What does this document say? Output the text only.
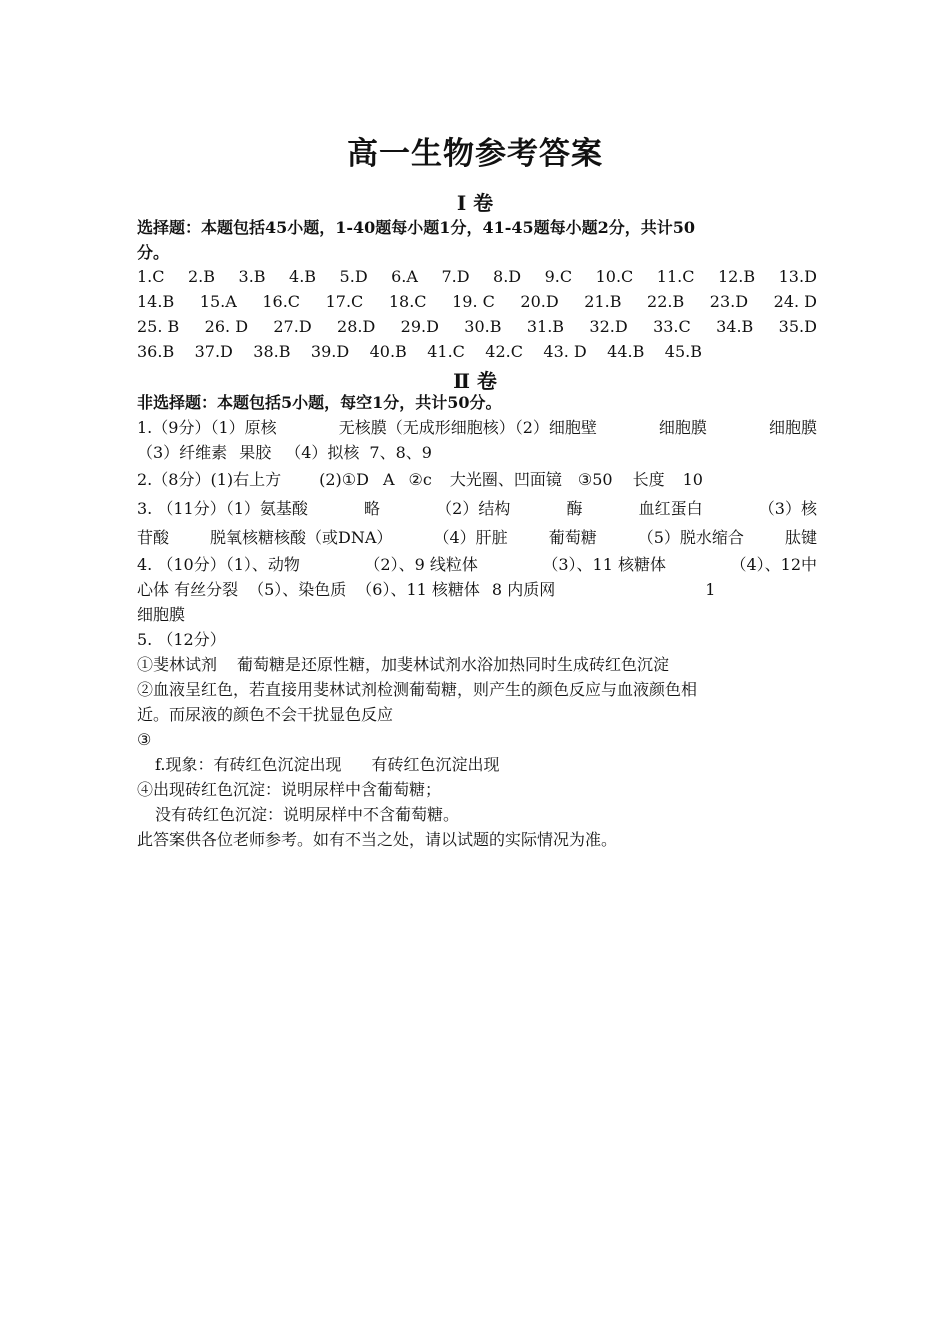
高一生物参考答案
Ⅰ 卷
选择题：本题包括45小题，1-40题每小题1分，41-45题每小题2分，共计50
分。
1.C 2.B 3.B 4.B 5.D 6.A 7.D 8.D 9.C 10.C 11.C 12.B 13.D
14.B 15.A 16.C 17.C 18.C 19. C 20.D 21.B 22.B 23.D 24. D
25. B 26. D 27.D 28.D 29.D 30.B 31.B 32.D 33.C 34.B 35.D
36.B 37.D 38.B 39.D 40.B 41.C 42.C 43. D 44.B 45.B
Ⅱ 卷
非选择题：本题包括5小题，每空1分，共计50分。
1.（9分）（1）原核	无核膜（无成形细胞核）（2）细胞壁	细胞膜	细胞膜
（3）纤维素 果胶 （4）拟核 7、8、9
2.（8分）(1)右上方 (2)①D A ②c 大光圈、凹面镜 ③50 长度 10
3. （11分）（1）氨基酸	略	（2）结构	酶	血红蛋白	（3）核
苷酸	脱氧核糖核酸（或DNA）	（4）肝脏	葡萄糖	（5）脱水缩合	肽键
4. （10分）（1）、动物	（2）、9 线粒体	（3）、11 核糖体	（4）、12中
心体 有丝分裂 （5）、染色质 （6）、11 核糖体 8 内质网	1
细胞膜
5. （12分）
①斐林试剂 葡萄糖是还原性糖，加斐林试剂水浴加热同时生成砖红色沉淀
②血液呈红色，若直接用斐林试剂检测葡萄糖，则产生的颜色反应与血液颜色相
近。而尿液的颜色不会干扰显色反应
③
f.现象：有砖红色沉淀出现 有砖红色沉淀出现
④出现砖红色沉淀：说明尿样中含葡萄糖；
没有砖红色沉淀：说明尿样中不含葡萄糖。
此答案供各位老师参考。如有不当之处，请以试题的实际情况为准。
